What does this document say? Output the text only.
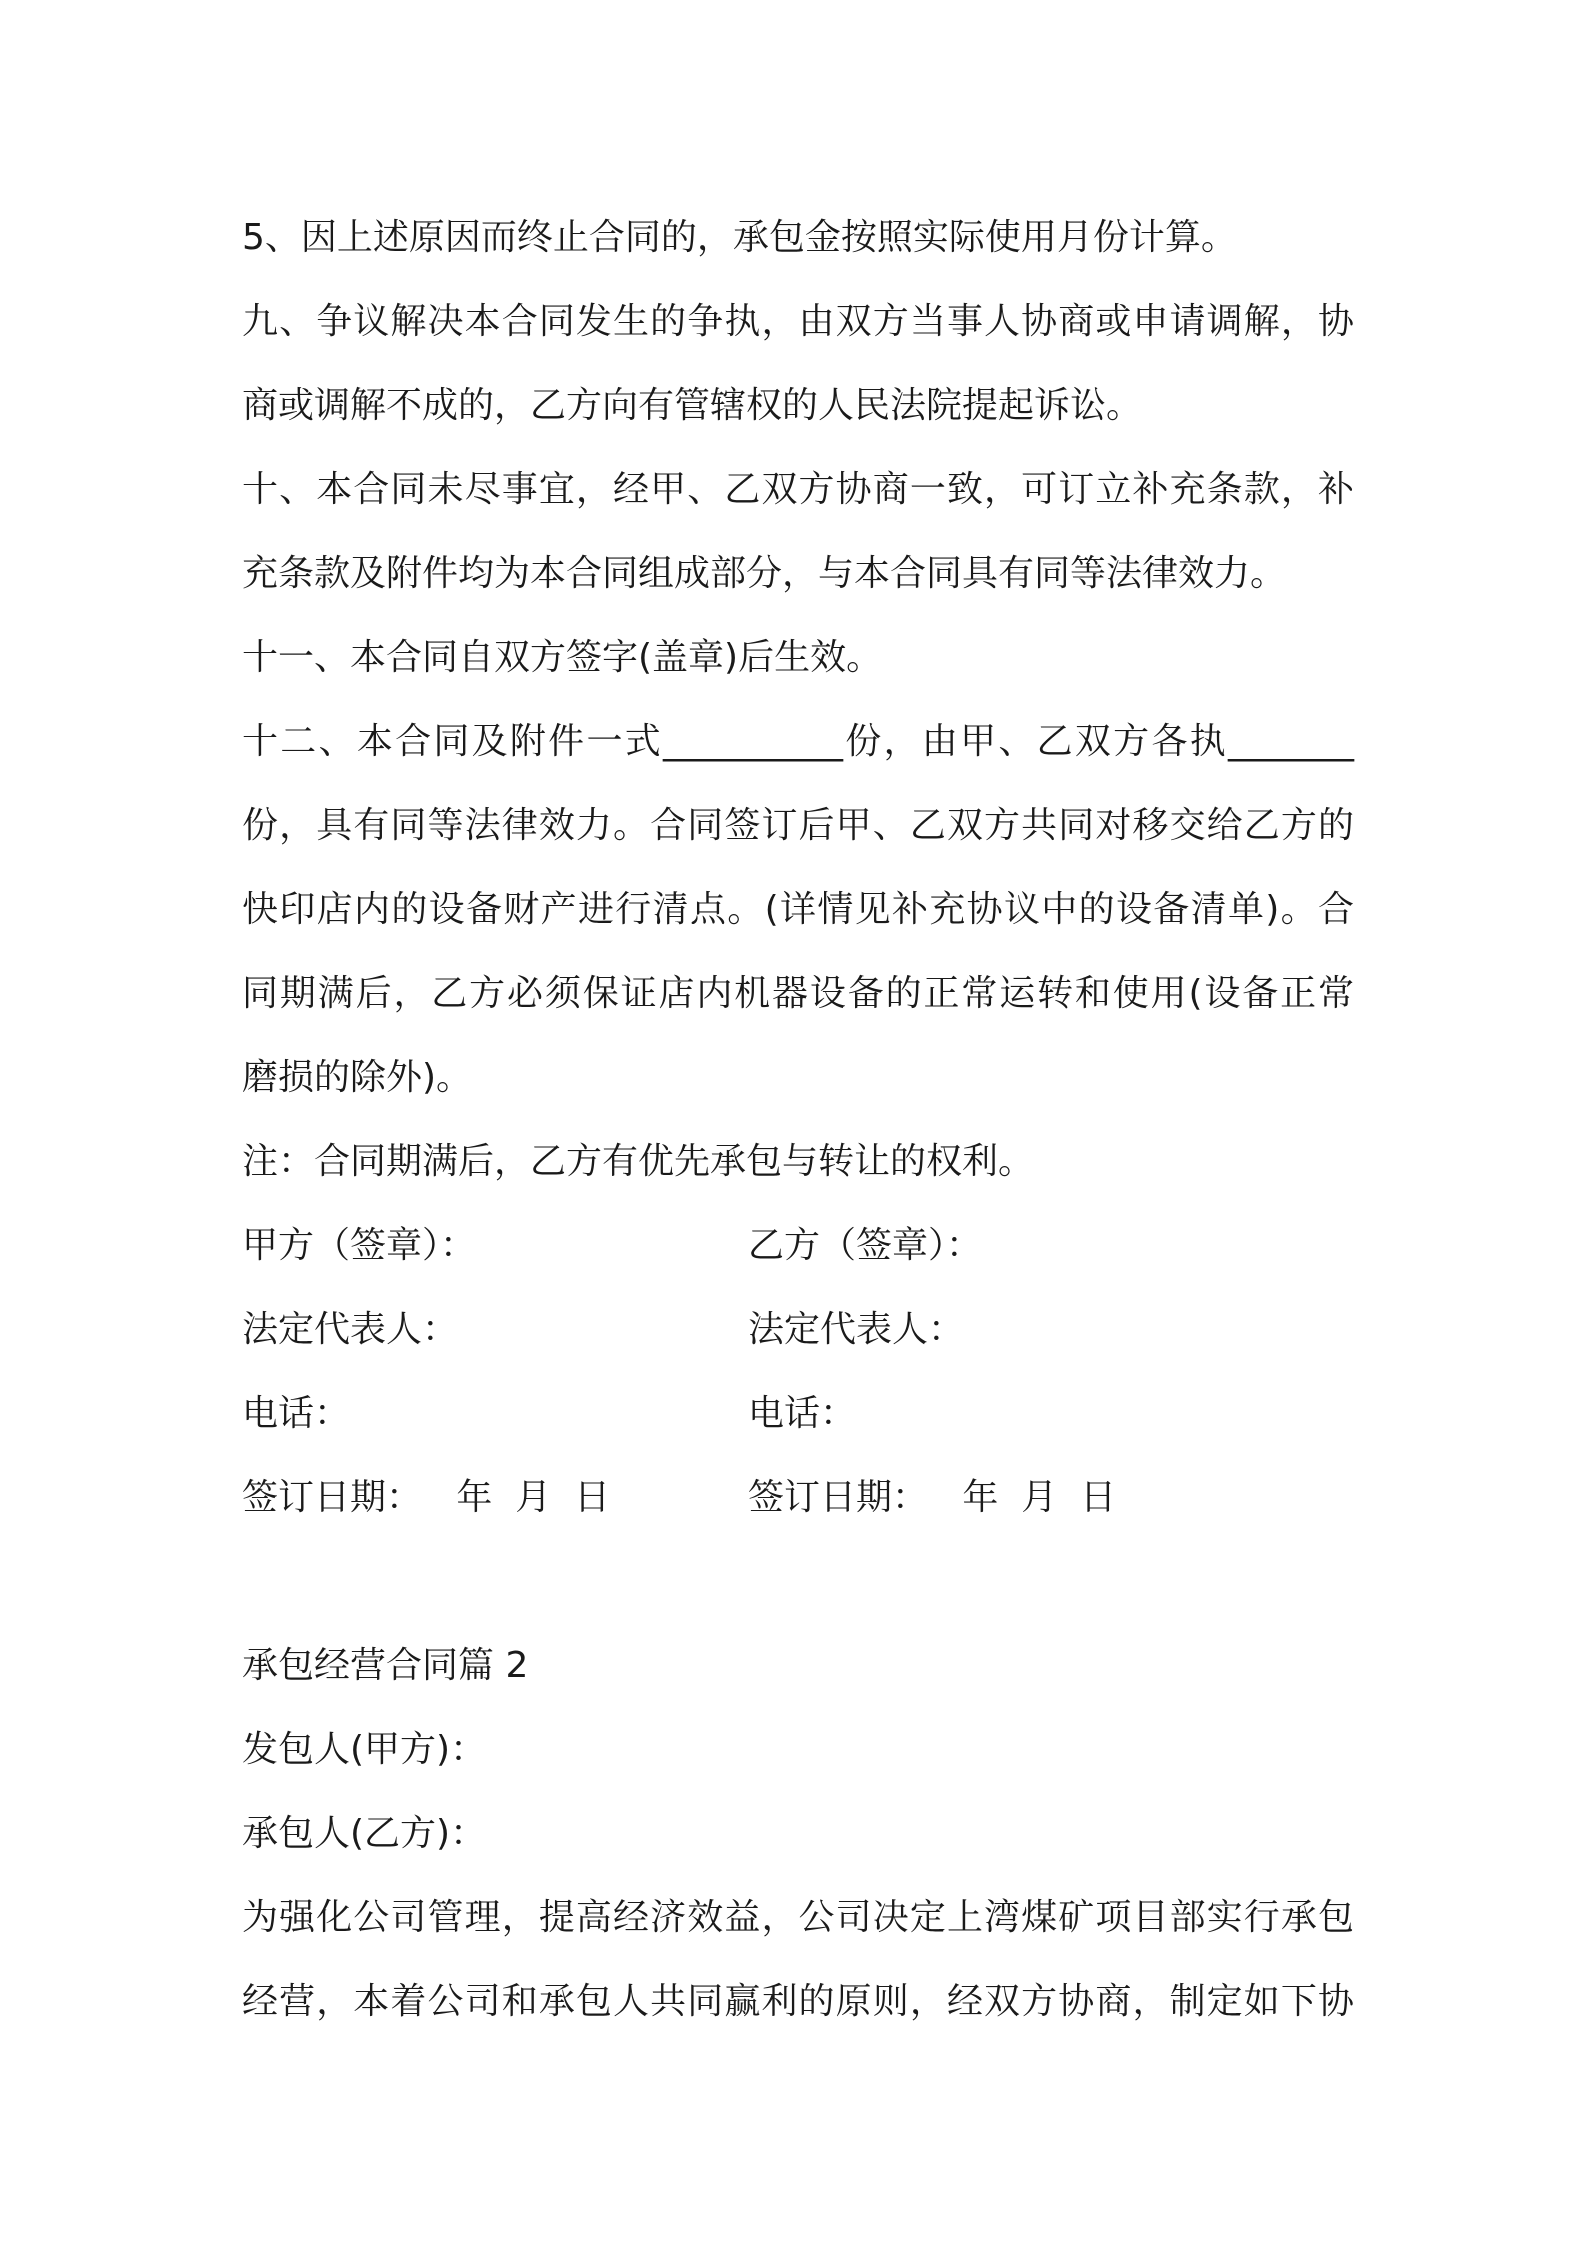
5、因上述原因而终止合同的，承包金按照实际使用月份计算。
九、争议解决本合同发生的争执，由双方当事人协商或申请调解，协
商或调解不成的，乙方向有管辖权的人民法院提起诉讼。
十、本合同未尽事宜，经甲、乙双方协商一致，可订立补充条款，补
充条款及附件均为本合同组成部分，与本合同具有同等法律效力。
十一、本合同自双方签字(盖章)后生效。
十二、本合同及附件一式__________份，由甲、乙双方各执_______
份，具有同等法律效力。合同签订后甲、乙双方共同对移交给乙方的
快印店内的设备财产进行清点。(详情见补充协议中的设备清单)。合
同期满后，乙方必须保证店内机器设备的正常运转和使用(设备正常
磨损的除外)。
注：合同期满后，乙方有优先承包与转让的权利。
甲方（签章）：	乙方（签章）：
法定代表人：	法定代表人：
电话：	电话：
签订日期：   年  月  日	签订日期：   年  月  日
承包经营合同篇 2
发包人(甲方)：
承包人(乙方)：
为强化公司管理，提高经济效益，公司决定上湾煤矿项目部实行承包
经营，本着公司和承包人共同赢利的原则，经双方协商，制定如下协
